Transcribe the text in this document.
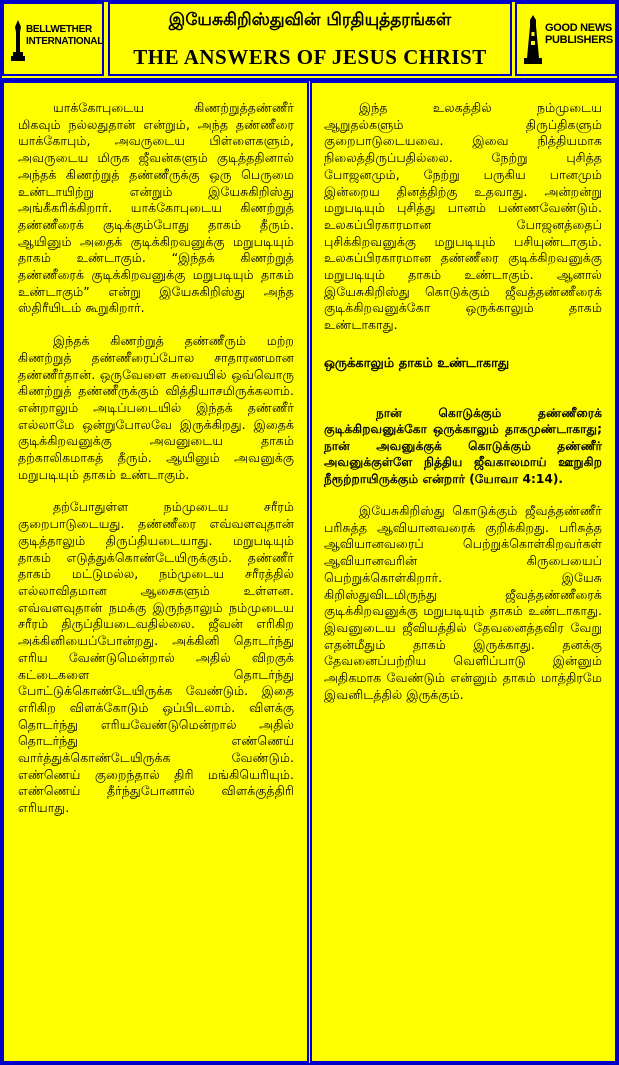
BELLWETHER
INTERNATIONAL
இயேசுகிறிஸ்துவின் பிரதியுத்தரங்கள்
THE ANSWERS OF JESUS CHRIST
GOOD NEWS
PUBLISHERS

யாக்கோபுடைய கிணற்றுத்தண்ணீர் மிகவும் நல்லதுதான் என்றும், அந்த தண்ணீரை யாக்கோபும், அவருடைய பிள்ளைகளும், அவருடைய மிருக ஜீவன்களும் குடித்ததினால் அந்தக் கிணற்றுத் தண்ணீருக்கு ஒரு பெருமை உண்டாயிற்று என்றும் இயேசுகிறிஸ்து அங்கீகரிக்கிறார். யாக்கோபுடைய கிணற்றுத் தண்ணீரைக் குடிக்கும்போது தாகம் தீரும். ஆயினும் அதைக் குடிக்கிறவனுக்கு மறுபடியும் தாகம் உண்டாகும். “இந்தக் கிணற்றுத் தண்ணீரைக் குடிக்கிறவனுக்கு மறுபடியும் தாகம் உண்டாகும்” என்று இயேசுகிறிஸ்து அந்த ஸ்திரீயிடம் கூறுகிறார்.

இந்தக் கிணற்றுத் தண்ணீரும் மற்ற கிணற்றுத் தண்ணீரைப்போல சாதாரணமான தண்ணீர்தான். ஒருவேளை சுவையில் ஒவ்வொரு கிணற்றுத் தண்ணீருக்கும் வித்தியாசமிருக்கலாம். என்றாலும் அடிப்படையில் இந்தக் தண்ணீர் எல்லாமே ஒன்றுபோலவே இருக்கிறது. இதைக் குடிக்கிறவனுக்கு அவனுடைய தாகம் தற்காலிகமாகத் தீரும். ஆயினும் அவனுக்கு மறுபடியும் தாகம் உண்டாகும்.

தற்போதுள்ள நம்முடைய சரீரம் குறைபாடுடையது. தண்ணீரை எவ்வளவுதான் குடித்தாலும் திருப்தியடையாது. மறுபடியும் தாகம் எடுத்துக்கொண்டேயிருக்கும். தண்ணீர் தாகம் மட்டுமல்ல, நம்முடைய சரீரத்தில் எல்லாவிதமான ஆசைகளும் உள்ளன. எவ்வளவுதான் நமக்கு இருந்தாலும் நம்முடைய சரீரம் திருப்தியடைவதில்லை. ஜீவன் எரிகிற அக்கினியைப்போன்றது. அக்கினி தொடர்ந்து எரிய வேண்டுமென்றால் அதில் விறகுக் கட்டைகளை தொடர்ந்து போட்டுக்கொண்டேயிருக்க வேண்டும். இதை எரிகிற விளக்கோடும் ஒப்பிடலாம். விளக்கு தொடர்ந்து எரியவேண்டுமென்றால் அதில் தொடர்ந்து எண்ணெய் வார்த்துக்கொண்டேயிருக்க வேண்டும். எண்ணெய் குறைந்தால் திரி மங்கியெரியும். எண்ணெய் தீர்ந்துபோனால் விளக்குத்திரி எரியாது.

இந்த உலகத்தில் நம்முடைய ஆறுதல்களும் திருப்திகளும் குறைபாடுடையவை. இவை நித்தியமாக நிலைத்திருப்பதில்லை. நேற்று புசித்த போஜனமும், நேற்று பருகிய பானமும் இன்றைய தினத்திற்கு உதவாது. அன்றன்று மறுபடியும் புசித்து பானம் பண்ணவேண்டும். உலகப்பிரகாரமான போஜனத்தைப் புசிக்கிறவனுக்கு மறுபடியும் பசியுண்டாகும். உலகப்பிரகாரமான தண்ணீரை குடிக்கிறவனுக்கு மறுபடியும் தாகம் உண்டாகும். ஆனால் இயேசுகிறிஸ்து கொடுக்கும் ஜீவத்தண்ணீரைக் குடிக்கிறவனுக்கோ ஒருக்காலும் தாகம் உண்டாகாது.

ஒருக்காலும் தாகம் உண்டாகாது

நான் கொடுக்கும் தண்ணீரைக் குடிக்கிறவனுக்கோ ஒருக்காலும் தாகமுண்டாகாது; நான் அவனுக்குக் கொடுக்கும் தண்ணீர் அவனுக்குள்ளே நித்திய ஜீவகாலமாய் ஊறுகிற நீரூற்றாயிருக்கும் என்றார் (யோவா 4:14).

இயேசுகிறிஸ்து கொடுக்கும் ஜீவத்தண்ணீர் பரிசுத்த ஆவியானவரைக் குறிக்கிறது. பரிசுத்த ஆவியானவரைப் பெற்றுக்கொள்கிறவர்கள் ஆவியானவரின் கிருபையைப் பெற்றுக்கொள்கிறார். இயேசு கிறிஸ்துவிடமிருந்து ஜீவத்தண்ணீரைக் குடிக்கிறவனுக்கு மறுபடியும் தாகம் உண்டாகாது. இவனுடைய ஜீவியத்தில் தேவனைத்தவிர வேறு எதன்மீதும் தாகம் இருக்காது. தனக்கு தேவனைப்பற்றிய வெளிப்பாடு இன்னும் அதிகமாக வேண்டும் என்னும் தாகம் மாத்திரமே இவனிடத்தில் இருக்கும்.
